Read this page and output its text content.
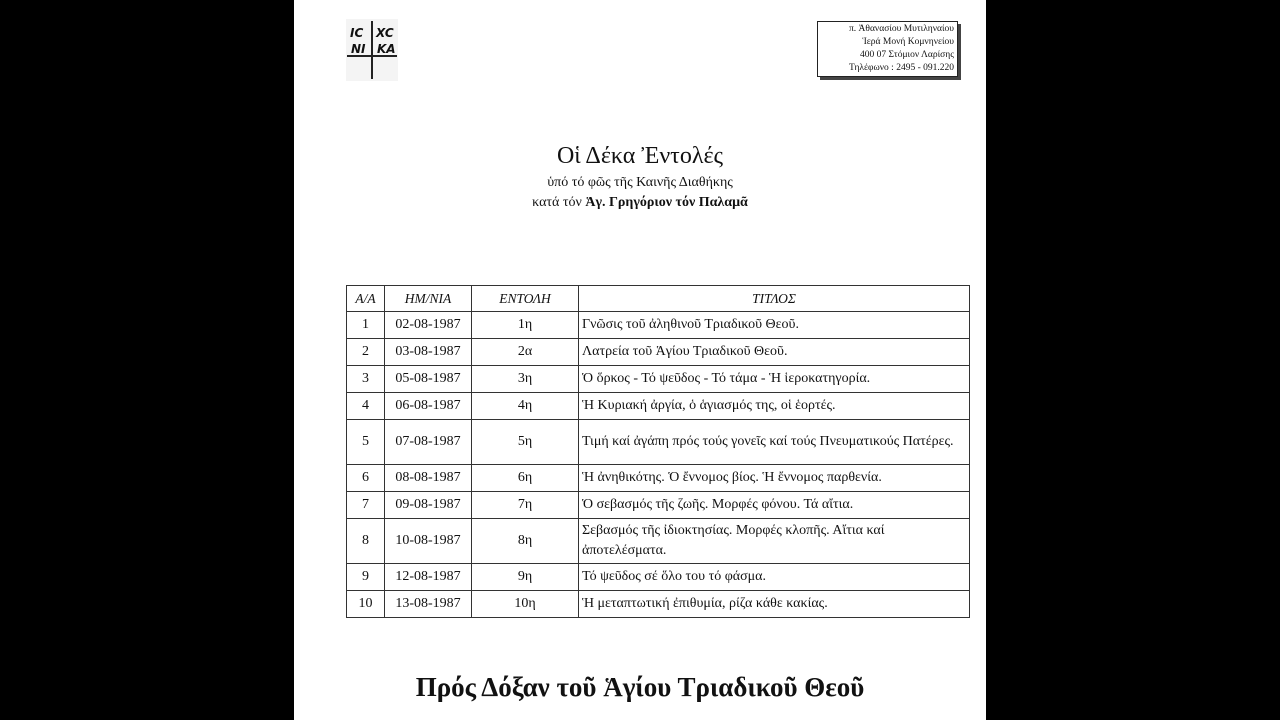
IC XC
NI KA
π. Ἀθανασίου Μυτιληναίου
Ἱερά Μονή Κομνηνείου
400 07 Στόμιον Λαρίσης
Τηλέφωνο : 2495 - 091.220
Οἱ Δέκα Ἐντολές
ὑπό τό φῶς τῆς Καινῆς Διαθήκης
κατά τόν Ἁγ. Γρηγόριον τόν Παλαμᾶ
Α/Α	ΗΜ/ΝΙΑ	ΕΝΤΟΛΗ	ΤΙΤΛΟΣ
1	02-08-1987	1η	Γνῶσις τοῦ ἀληθινοῦ Τριαδικοῦ Θεοῦ.
2	03-08-1987	2α	Λατρεία τοῦ Ἁγίου Τριαδικοῦ Θεοῦ.
3	05-08-1987	3η	Ὁ ὅρκος - Τό ψεῦδος - Τό τάμα - Ἡ ἱεροκατηγορία.
4	06-08-1987	4η	Ἡ Κυριακή ἀργία, ὁ ἁγιασμός της, οἱ ἑορτές.
5	07-08-1987	5η	Τιμή καί ἀγάπη πρός τούς γονεῖς καί τούς Πνευματικούς Πατέρες.
6	08-08-1987	6η	Ἡ ἀνηθικότης. Ὁ ἔννομος βίος. Ἡ ἔννομος παρθενία.
7	09-08-1987	7η	Ὁ σεβασμός τῆς ζωῆς. Μορφές φόνου. Τά αἴτια.
8	10-08-1987	8η	Σεβασμός τῆς ἰδιοκτησίας. Μορφές κλοπῆς. Αἴτια καί ἀποτελέσματα.
9	12-08-1987	9η	Τό ψεῦδος σέ ὅλο του τό φάσμα.
10	13-08-1987	10η	Ἡ μεταπτωτική ἐπιθυμία, ρίζα κάθε κακίας.
Πρός Δόξαν τοῦ Ἁγίου Τριαδικοῦ Θεοῦ
